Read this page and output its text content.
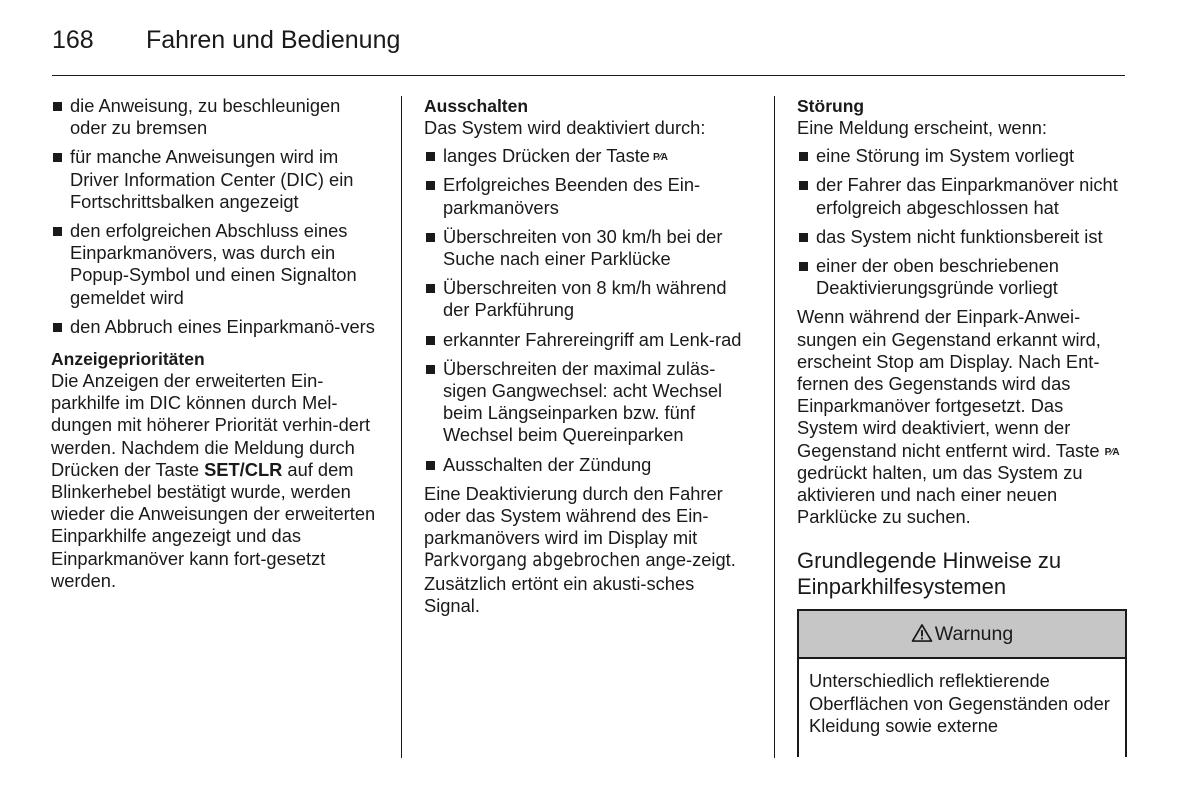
168 Fahren und Bedienung
die Anweisung, zu beschleunigen oder zu bremsen
für manche Anweisungen wird im Driver Information Center (DIC) ein Fortschrittsbalken angezeigt
den erfolgreichen Abschluss eines Einparkmanövers, was durch ein Popup-Symbol und einen Signalton gemeldet wird
den Abbruch eines Einparkmanö-vers
Anzeigeprioritäten

Die Anzeigen der erweiterten Ein-parkhilfe im DIC können durch Mel-dungen mit höherer Priorität verhin-dert werden. Nachdem die Meldung durch Drücken der Taste SET/CLR auf dem Blinkerhebel bestätigt wurde, werden wieder die Anweisungen der erweiterten Einparkhilfe angezeigt und das Einparkmanöver kann fort-gesetzt werden.

Ausschalten

Das System wird deaktiviert durch:

langes Drücken der Taste P⁄A
Erfolgreiches Beenden des Ein-parkmanövers
Überschreiten von 30 km/h bei der Suche nach einer Parklücke
Überschreiten von 8 km/h während der Parkführung
erkannter Fahrereingriff am Lenk-rad
Überschreiten der maximal zuläs-sigen Gangwechsel: acht Wechsel beim Längseinparken bzw. fünf Wechsel beim Quereinparken
Ausschalten der Zündung

Eine Deaktivierung durch den Fahrer oder das System während des Ein-parkmanövers wird im Display mit Parkvorgang abgebrochen ange-zeigt. Zusätzlich ertönt ein akusti-sches Signal.

Störung

Eine Meldung erscheint, wenn:

eine Störung im System vorliegt
der Fahrer das Einparkmanöver nicht erfolgreich abgeschlossen hat
das System nicht funktionsbereit ist
einer der oben beschriebenen Deaktivierungsgründe vorliegt

Wenn während der Einpark-Anwei-sungen ein Gegenstand erkannt wird, erscheint Stop am Display. Nach Ent-fernen des Gegenstands wird das Einparkmanöver fortgesetzt. Das System wird deaktiviert, wenn der Gegenstand nicht entfernt wird. Taste P⁄A gedrückt halten, um das System zu aktivieren und nach einer neuen Parklücke zu suchen.

Grundlegende Hinweise zu Einparkhilfesystemen
Warnung
Unterschiedlich reflektierende Oberflächen von Gegenständen oder Kleidung sowie externe
